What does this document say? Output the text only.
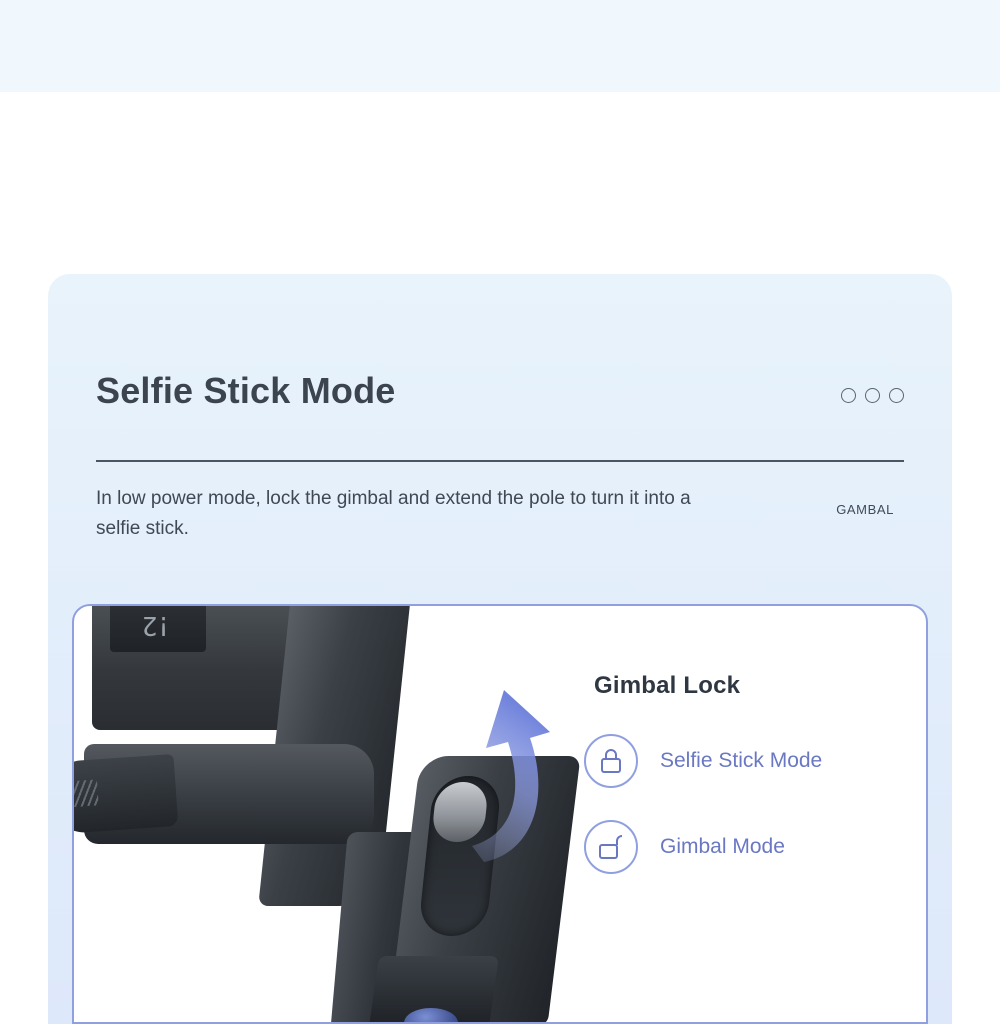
Selfie Stick Mode
In low power mode, lock the gimbal and extend the pole to turn it into a selfie stick.
GAMBAL
!2
Gimbal Lock
Selfie Stick Mode
Gimbal Mode
